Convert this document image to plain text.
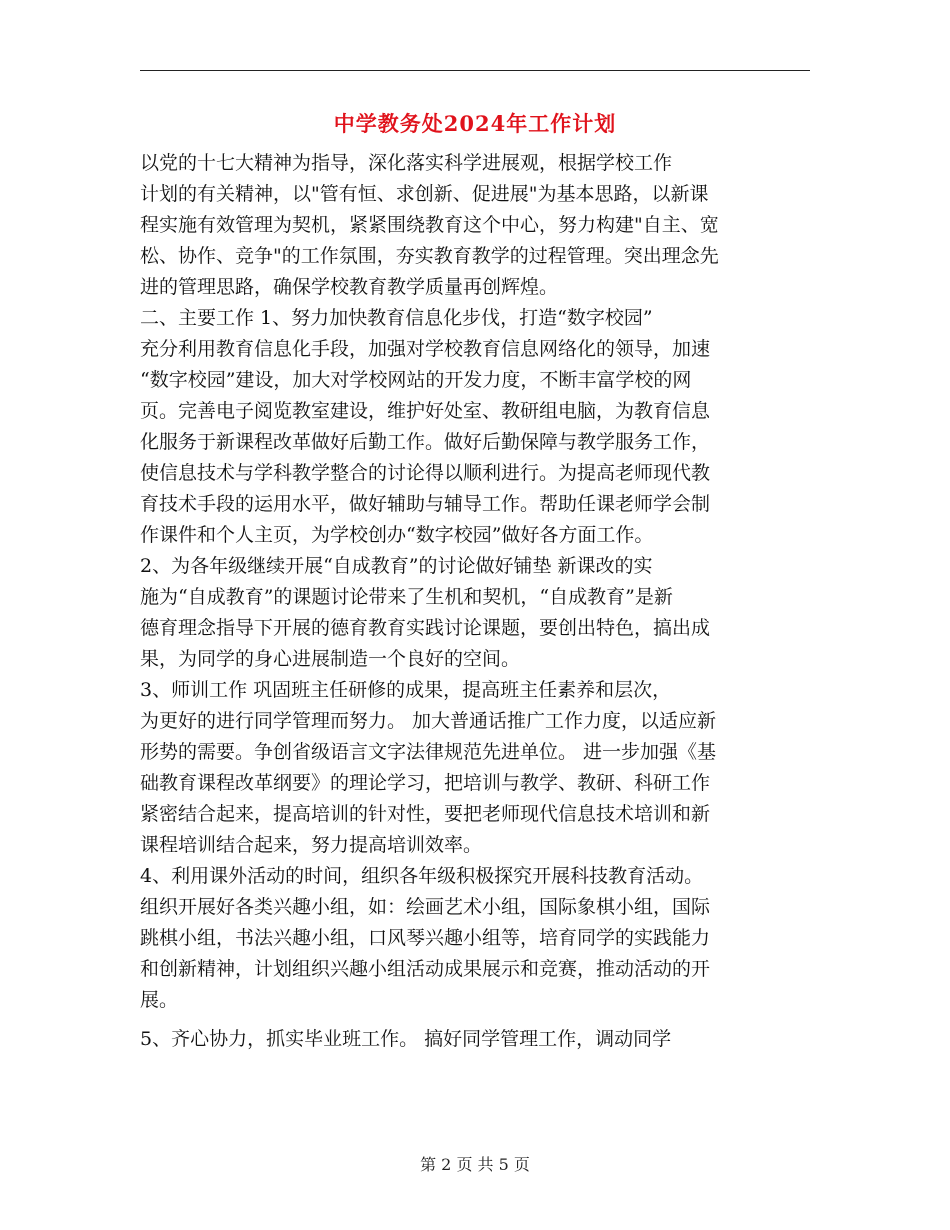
中学教务处2024年工作计划
以党的十七大精神为指导，深化落实科学进展观，根据学校工作
计划的有关精神，以"管有恒、求创新、促进展"为基本思路，以新课
程实施有效管理为契机，紧紧围绕教育这个中心，努力构建"自主、宽
松、协作、竞争"的工作氛围，夯实教育教学的过程管理。突出理念先
进的管理思路，确保学校教育教学质量再创辉煌。
二、主要工作 1、努力加快教育信息化步伐，打造“数字校园”
充分利用教育信息化手段，加强对学校教育信息网络化的领导，加速
“数字校园”建设，加大对学校网站的开发力度，不断丰富学校的网
页。完善电子阅览教室建设，维护好处室、教研组电脑，为教育信息
化服务于新课程改革做好后勤工作。做好后勤保障与教学服务工作，
使信息技术与学科教学整合的讨论得以顺利进行。为提高老师现代教
育技术手段的运用水平，做好辅助与辅导工作。帮助任课老师学会制
作课件和个人主页，为学校创办“数字校园”做好各方面工作。
2、为各年级继续开展“自成教育”的讨论做好铺垫 新课改的实
施为“自成教育”的课题讨论带来了生机和契机，“自成教育”是新
德育理念指导下开展的德育教育实践讨论课题，要创出特色，搞出成
果，为同学的身心进展制造一个良好的空间。
3、师训工作 巩固班主任研修的成果，提高班主任素养和层次，
为更好的进行同学管理而努力。 加大普通话推广工作力度，以适应新
形势的需要。争创省级语言文字法律规范先进单位。 进一步加强《基
础教育课程改革纲要》的理论学习，把培训与教学、教研、科研工作
紧密结合起来，提高培训的针对性，要把老师现代信息技术培训和新
课程培训结合起来，努力提高培训效率。
4、利用课外活动的时间，组织各年级积极探究开展科技教育活动。
组织开展好各类兴趣小组，如：绘画艺术小组，国际象棋小组，国际
跳棋小组，书法兴趣小组，口风琴兴趣小组等，培育同学的实践能力
和创新精神，计划组织兴趣小组活动成果展示和竞赛，推动活动的开
展。
5、齐心协力，抓实毕业班工作。 搞好同学管理工作，调动同学
第 2 页 共 5 页
